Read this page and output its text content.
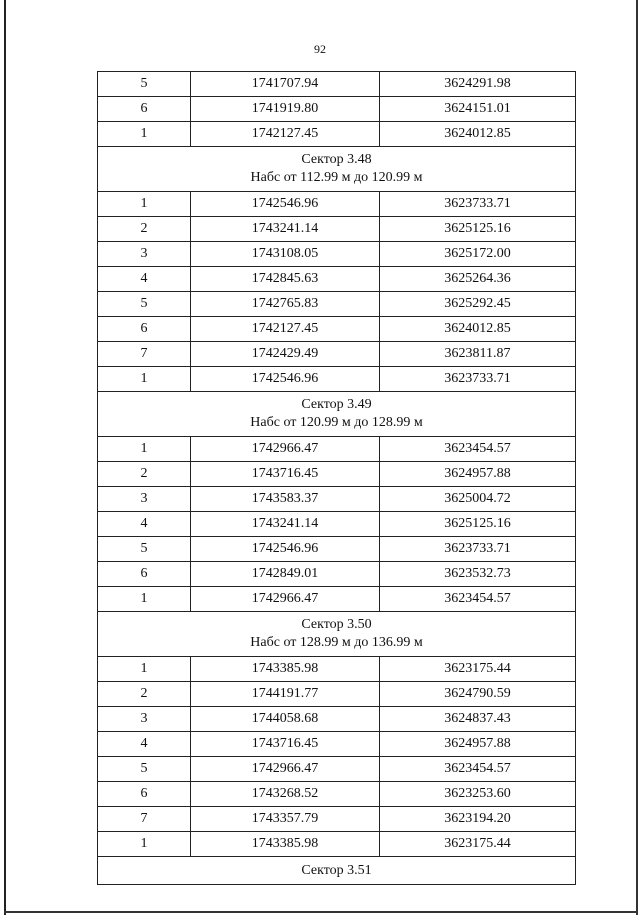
92
5	1741707.94	3624291.98
6	1741919.80	3624151.01
1	1742127.45	3624012.85

Сектор 3.48
Набс от 112.99 м до 120.99 м		

1	1742546.96	3623733.71
2	1743241.14	3625125.16
3	1743108.05	3625172.00
4	1742845.63	3625264.36
5	1742765.83	3625292.45
6	1742127.45	3624012.85
7	1742429.49	3623811.87
1	1742546.96	3623733.71

Сектор 3.49
Набс от 120.99 м до 128.99 м		

1	1742966.47	3623454.57
2	1743716.45	3624957.88
3	1743583.37	3625004.72
4	1743241.14	3625125.16
5	1742546.96	3623733.71
6	1742849.01	3623532.73
1	1742966.47	3623454.57

Сектор 3.50
Набс от 128.99 м до 136.99 м		

1	1743385.98	3623175.44
2	1744191.77	3624790.59
3	1744058.68	3624837.43
4	1743716.45	3624957.88
5	1742966.47	3623454.57
6	1743268.52	3623253.60
7	1743357.79	3623194.20
1	1743385.98	3623175.44

Сектор 3.51		
